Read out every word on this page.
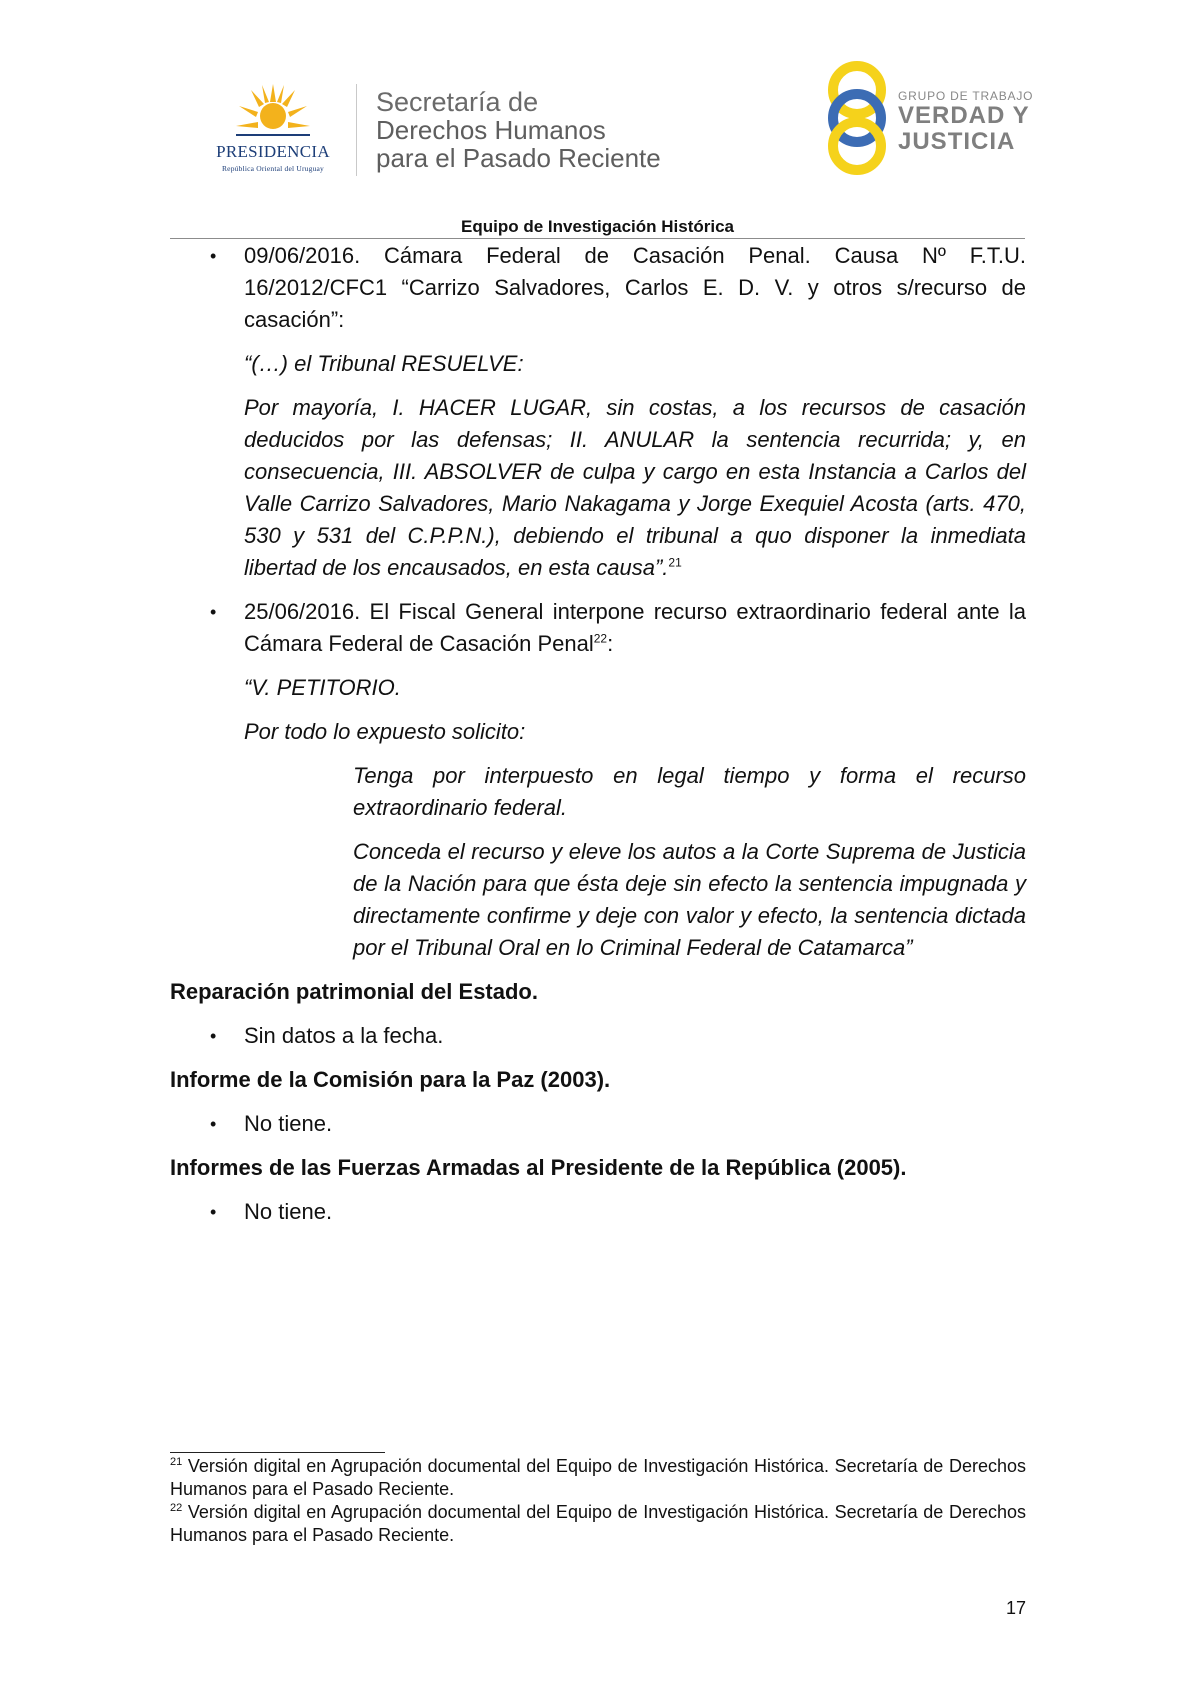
PRESIDENCIA
República Oriental del Uruguay
Secretaría de
Derechos Humanos
para el Pasado Reciente
GRUPO DE TRABAJO
VERDAD Y
JUSTICIA
Equipo de Investigación Histórica
• 09/06/2016. Cámara Federal de Casación Penal. Causa Nº F.T.U. 16/2012/CFC1 “Carrizo Salvadores, Carlos E. D. V. y otros s/recurso de casación”:
“(…) el Tribunal RESUELVE:
Por mayoría, I. HACER LUGAR, sin costas, a los recursos de casación deducidos por las defensas; II. ANULAR la sentencia recurrida; y, en consecuencia, III. ABSOLVER de culpa y cargo en esta Instancia a Carlos del Valle Carrizo Salvadores, Mario Nakagama y Jorge Exequiel Acosta (arts. 470, 530 y 531 del C.P.P.N.), debiendo el tribunal a quo disponer la inmediata libertad de los encausados, en esta causa”.$^{21}$
• 25/06/2016. El Fiscal General interpone recurso extraordinario federal ante la Cámara Federal de Casación Penal$^{22}$:
“V. PETITORIO.
Por todo lo expuesto solicito:
Tenga por interpuesto en legal tiempo y forma el recurso extraordinario federal.
Conceda el recurso y eleve los autos a la Corte Suprema de Justicia de la Nación para que ésta deje sin efecto la sentencia impugnada y directamente confirme y deje con valor y efecto, la sentencia dictada por el Tribunal Oral en lo Criminal Federal de Catamarca”
Reparación patrimonial del Estado.
• Sin datos a la fecha.
Informe de la Comisión para la Paz (2003).
• No tiene.
Informes de las Fuerzas Armadas al Presidente de la República (2005).
• No tiene.
$^{21}$ Versión digital en Agrupación documental del Equipo de Investigación Histórica. Secretaría de Derechos Humanos para el Pasado Reciente.
$^{22}$ Versión digital en Agrupación documental del Equipo de Investigación Histórica. Secretaría de Derechos Humanos para el Pasado Reciente.
17
